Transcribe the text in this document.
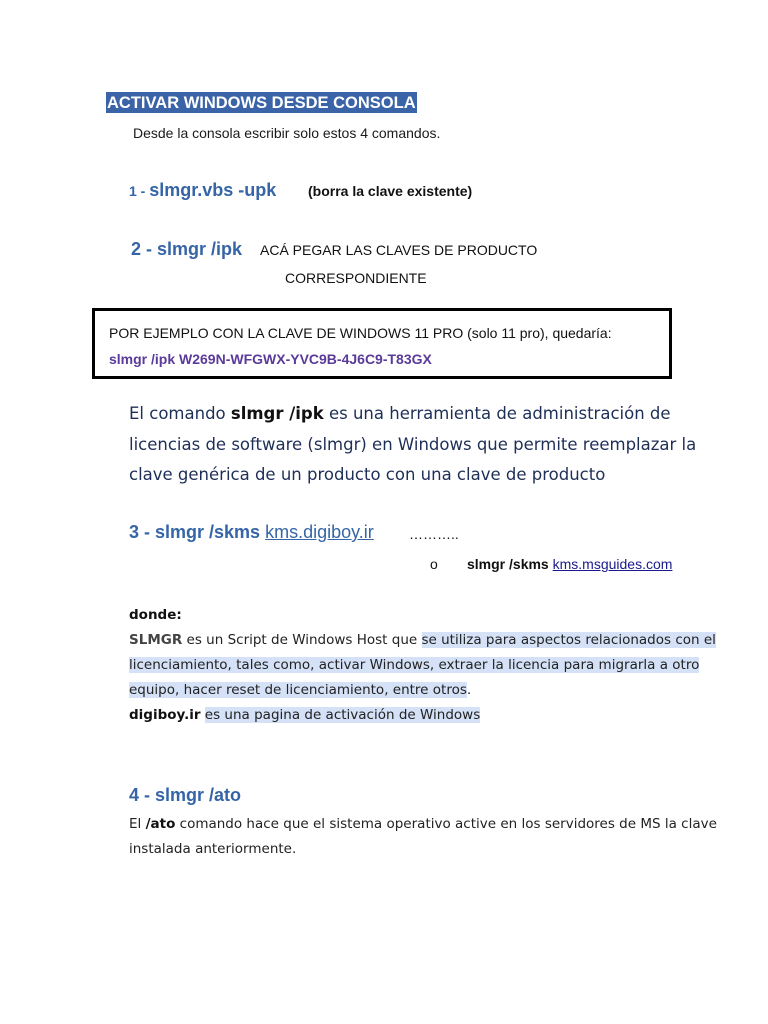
ACTIVAR WINDOWS DESDE CONSOLA
Desde la consola escribir solo estos 4 comandos.
1 - slmgr.vbs -upk (borra la clave existente)
2 - slmgr /ipk ACÁ PEGAR LAS CLAVES DE PRODUCTO
CORRESPONDIENTE
POR EJEMPLO CON LA CLAVE DE WINDOWS 11 PRO (solo 11 pro), quedaría:
slmgr /ipk W269N-WFGWX-YVC9B-4J6C9-T83GX
El comando slmgr /ipk es una herramienta de administración de licencias de software (slmgr) en Windows que permite reemplazar la clave genérica de un producto con una clave de producto
3 - slmgr /skms kms.digiboy.ir	………..
o slmgr /skms kms.msguides.com
donde:
SLMGR es un Script de Windows Host que se utiliza para aspectos relacionados con el licenciamiento, tales como, activar Windows, extraer la licencia para migrarla a otro equipo, hacer reset de licenciamiento, entre otros.
digiboy.ir es una pagina de activación de Windows
4 - slmgr /ato
El /ato comando hace que el sistema operativo active en los servidores de MS la clave instalada anteriormente.
